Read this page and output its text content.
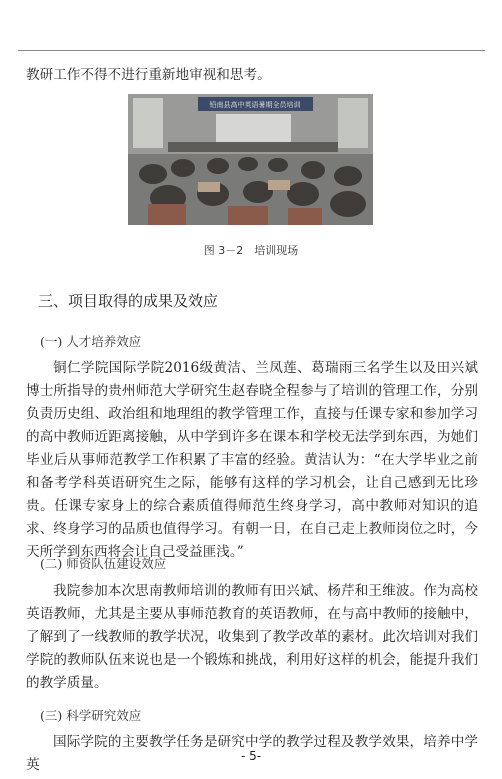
教研工作不得不进行重新地审视和思考。

铅南县高中英语暑期全员培训
图 3－2　培训现场
三、项目取得的成果及效应
(一) 人才培养效应

铜仁学院国际学院2016级黄洁、兰凤莲、葛瑞雨三名学生以及田兴斌博士所指导的贵州师范大学研究生赵春晓全程参与了培训的管理工作，分别负责历史组、政治组和地理组的教学管理工作，直接与任课专家和参加学习的高中教师近距离接触，从中学到许多在课本和学校无法学到东西，为她们毕业后从事师范教学工作积累了丰富的经验。黄洁认为：“在大学毕业之前和备考学科英语研究生之际，能够有这样的学习机会，让自己感到无比珍贵。任课专家身上的综合素质值得师范生终身学习，高中教师对知识的追求、终身学习的品质也值得学习。有朝一日，在自己走上教师岗位之时，今天所学到东西将会让自己受益匪浅。”

(二) 师资队伍建设效应

我院参加本次思南教师培训的教师有田兴斌、杨芹和王维波。作为高校英语教师，尤其是主要从事师范教育的英语教师，在与高中教师的接触中，了解到了一线教师的教学状况，收集到了教学改革的素材。此次培训对我们学院的教师队伍来说也是一个锻炼和挑战，利用好这样的机会，能提升我们的教学质量。

(三) 科学研究效应

国际学院的主要教学任务是研究中学的教学过程及教学效果，培养中学英

- 5-
